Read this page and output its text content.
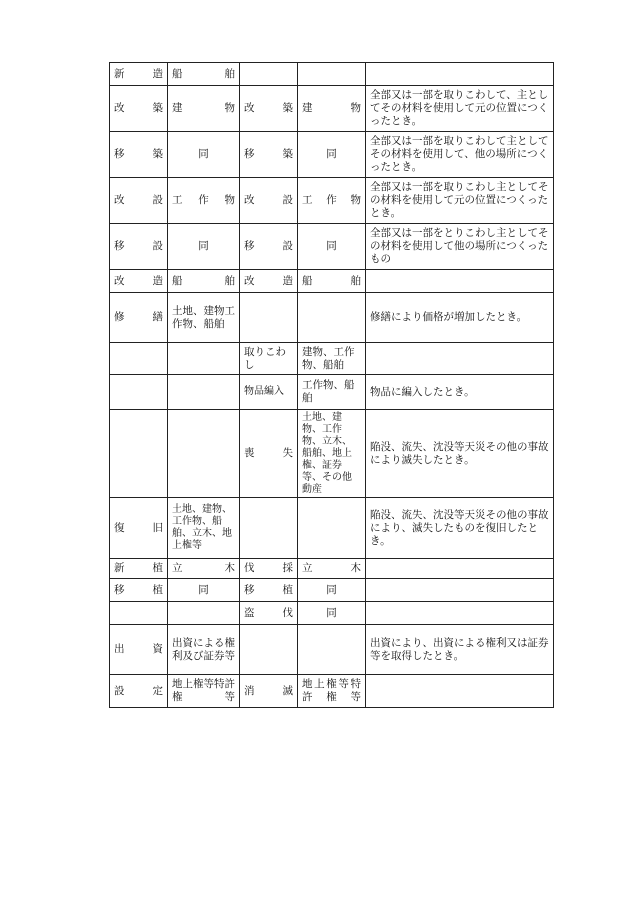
新　造	船　　舶			
改　築	建　　物	改　築	建　　物	全部又は一部を取りこわして、主としてその材料を使用して元の位置につくったとき。
移　築	同	移　築	同	全部又は一部を取りこわして主としてその材料を使用して、他の場所につくったとき。
改　設	工作物	改　設	工作物	全部又は一部を取りこわし主としてその材料を使用して元の位置につくったとき。
移　設	同	移　設	同	全部又は一部をとりこわし主としてその材料を使用して他の場所につくったもの
改　造	船　　舶	改　造	船　　舶	
修　繕	土地、建物工作物、船舶			修繕により価格が増加したとき。
		取りこわし	建物、工作物、船舶	
		物品編入	工作物、船舶	物品に編入したとき。
		喪　失	土地、建物、工作物、立木、船舶、地上権、証券等、その他動産	陥没、流失、沈没等天災その他の事故により滅失したとき。
復　旧	土地、建物、工作物、船舶、立木、地上権等			陥没、流失、沈没等天災その他の事故により、滅失したものを復旧したとき。
新　植	立　　木	伐　採	立　　木	
移　植	同	移　植	同	
		盗　伐	同	
出　資	出資による権利及び証券等			出資により、出資による権利又は証券等を取得したとき。
設　定	地上権等特許権等	消　滅	地上権等特許権等	
